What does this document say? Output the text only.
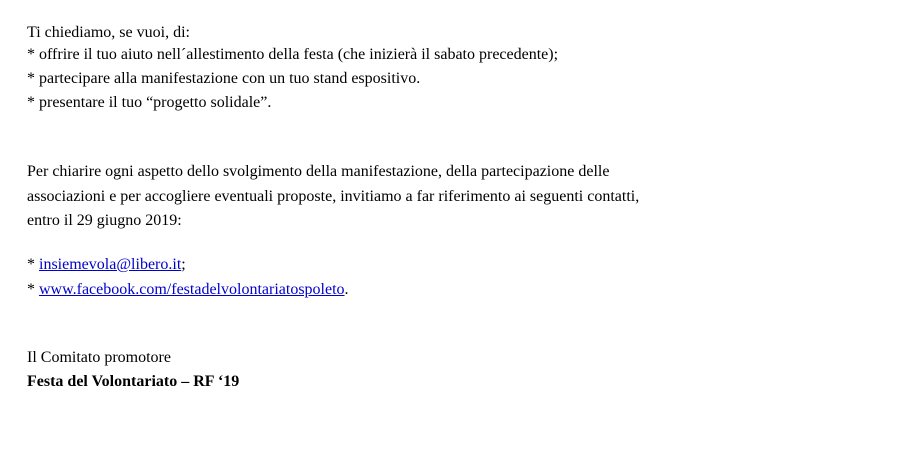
Ti chiediamo, se vuoi, di:
* offrire il tuo aiuto nell´allestimento della festa (che inizierà il sabato precedente);
* partecipare alla manifestazione con un tuo stand espositivo.
* presentare il tuo “progetto solidale”.
Per chiarire ogni aspetto dello svolgimento della manifestazione, della partecipazione delle
associazioni e per accogliere eventuali proposte, invitiamo a far riferimento ai seguenti contatti,
entro il 29 giugno 2019:
* insiemevola@libero.it;
* www.facebook.com/festadelvolontariatospoleto.
Il Comitato promotore
Festa del Volontariato – RF ‘19
